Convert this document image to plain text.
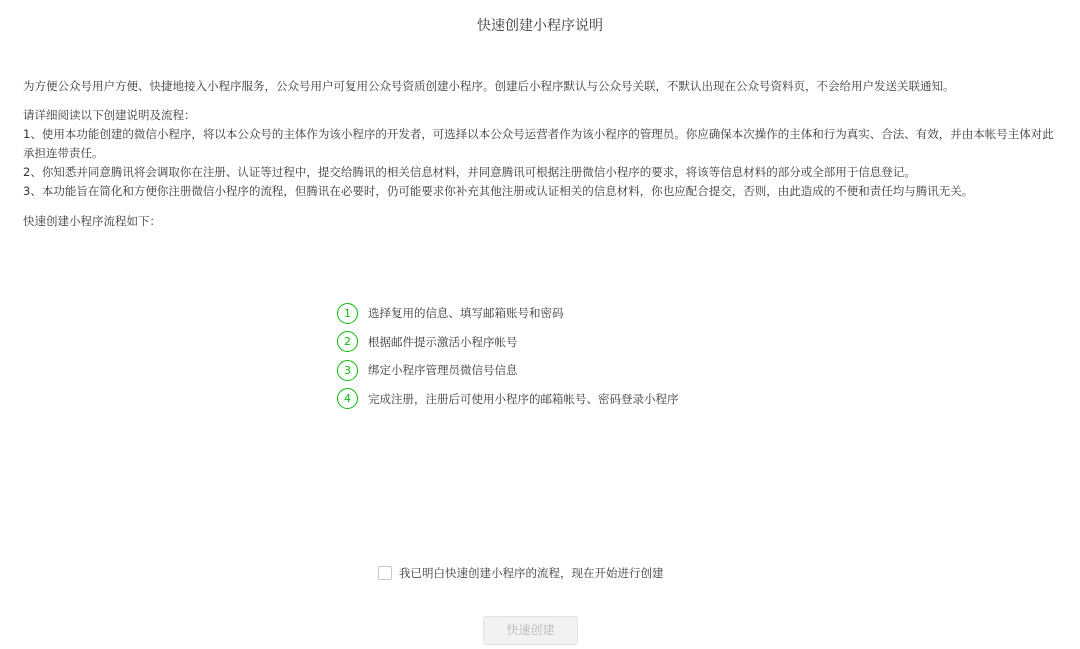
快速创建小程序说明
为方便公众号用户方便、快捷地接入小程序服务，公众号用户可复用公众号资质创建小程序。创建后小程序默认与公众号关联，不默认出现在公众号资料页，不会给用户发送关联通知。

请详细阅读以下创建说明及流程：

1、使用本功能创建的微信小程序，将以本公众号的主体作为该小程序的开发者，可选择以本公众号运营者作为该小程序的管理员。你应确保本次操作的主体和行为真实、合法、有效，并由本帐号主体对此承担连带责任。

2、你知悉并同意腾讯将会调取你在注册、认证等过程中，提交给腾讯的相关信息材料，并同意腾讯可根据注册微信小程序的要求，将该等信息材料的部分或全部用于信息登记。

3、本功能旨在简化和方便你注册微信小程序的流程，但腾讯在必要时，仍可能要求你补充其他注册或认证相关的信息材料，你也应配合提交，否则，由此造成的不便和责任均与腾讯无关。

快速创建小程序流程如下：
1	选择复用的信息、填写邮箱账号和密码
2	根据邮件提示激活小程序帐号
3	绑定小程序管理员微信号信息
4	完成注册，注册后可使用小程序的邮箱帐号、密码登录小程序
我已明白快速创建小程序的流程，现在开始进行创建
快速创建
